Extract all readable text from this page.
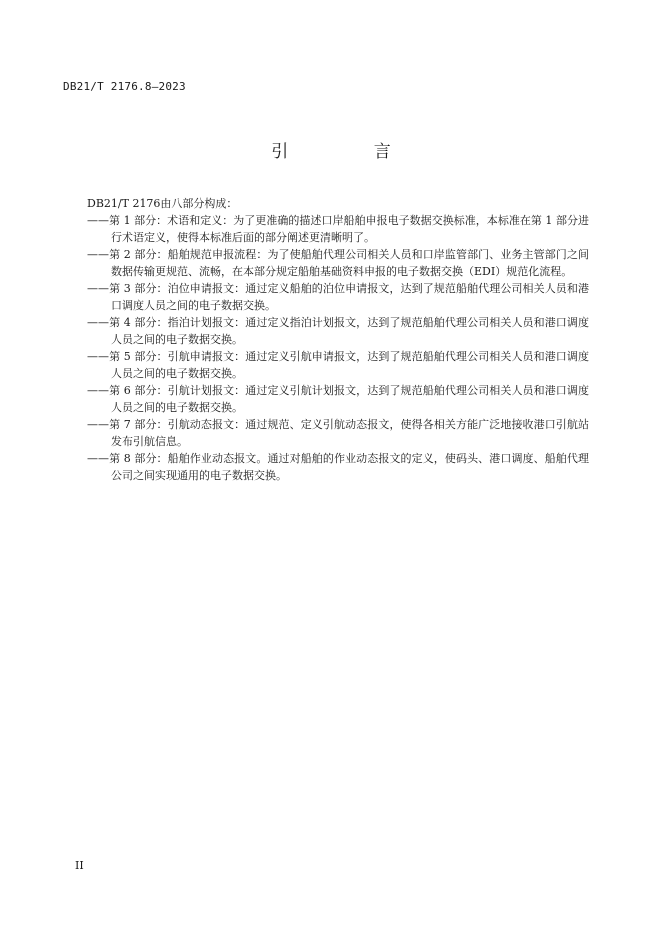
DB21/T 2176.8—2023
引 言

DB21/T 2176由八部分构成：

——第 1 部分：术语和定义：为了更准确的描述口岸船舶申报电子数据交换标准，本标准在第 1 部分进行术语定义，使得本标准后面的部分阐述更清晰明了。

——第 2 部分：船舶规范申报流程：为了使船舶代理公司相关人员和口岸监管部门、业务主管部门之间数据传输更规范、流畅，在本部分规定船舶基础资料申报的电子数据交换（EDI）规范化流程。

——第 3 部分：泊位申请报文：通过定义船舶的泊位申请报文，达到了规范船舶代理公司相关人员和港口调度人员之间的电子数据交换。

——第 4 部分：指泊计划报文：通过定义指泊计划报文，达到了规范船舶代理公司相关人员和港口调度人员之间的电子数据交换。

——第 5 部分：引航申请报文：通过定义引航申请报文，达到了规范船舶代理公司相关人员和港口调度人员之间的电子数据交换。

——第 6 部分：引航计划报文：通过定义引航计划报文，达到了规范船舶代理公司相关人员和港口调度人员之间的电子数据交换。

——第 7 部分：引航动态报文：通过规范、定义引航动态报文，使得各相关方能广泛地接收港口引航站发布引航信息。

——第 8 部分：船舶作业动态报文。通过对船舶的作业动态报文的定义，使码头、港口调度、船舶代理公司之间实现通用的电子数据交换。

II
